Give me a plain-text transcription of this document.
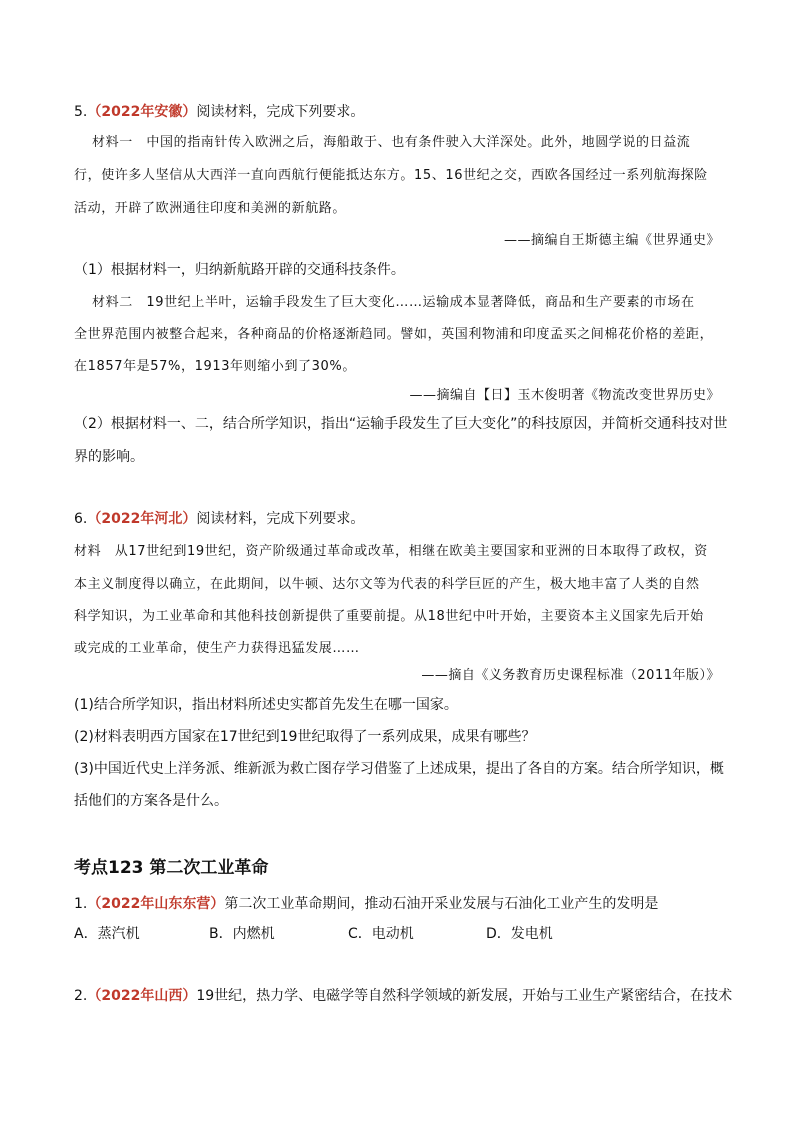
5.（2022年安徽）阅读材料，完成下列要求。
材料一　中国的指南针传入欧洲之后，海船敢于、也有条件驶入大洋深处。此外，地圆学说的日益流
行，使许多人坚信从大西洋一直向西航行便能抵达东方。15、16世纪之交，西欧各国经过一系列航海探险
活动，开辟了欧洲通往印度和美洲的新航路。
——摘编自王斯德主编《世界通史》
（1）根据材料一，归纳新航路开辟的交通科技条件。
材料二　19世纪上半叶，运输手段发生了巨大变化……运输成本显著降低，商品和生产要素的市场在
全世界范围内被整合起来，各种商品的价格逐渐趋同。譬如，英国利物浦和印度孟买之间棉花价格的差距，
在1857年是57%，1913年则缩小到了30%。
——摘编自【日】玉木俊明著《物流改变世界历史》
（2）根据材料一、二，结合所学知识，指出“运输手段发生了巨大变化”的科技原因，并简析交通科技对世
界的影响。
6.（2022年河北）阅读材料，完成下列要求。
材料　从17世纪到19世纪，资产阶级通过革命或改革，相继在欧美主要国家和亚洲的日本取得了政权，资
本主义制度得以确立，在此期间，以牛顿、达尔文等为代表的科学巨匠的产生，极大地丰富了人类的自然
科学知识，为工业革命和其他科技创新提供了重要前提。从18世纪中叶开始，主要资本主义国家先后开始
或完成的工业革命，使生产力获得迅猛发展……
——摘自《义务教育历史课程标准（2011年版）》
(1)结合所学知识，指出材料所述史实都首先发生在哪一国家。
(2)材料表明西方国家在17世纪到19世纪取得了一系列成果，成果有哪些？
(3)中国近代史上洋务派、维新派为救亡图存学习借鉴了上述成果，提出了各自的方案。结合所学知识，概
括他们的方案各是什么。
考点123 第二次工业革命
1.（2022年山东东营）第二次工业革命期间，推动石油开采业发展与石油化工业产生的发明是
A．蒸汽机	B．内燃机	C．电动机	D．发电机
2.（2022年山西）19世纪，热力学、电磁学等自然科学领域的新发展，开始与工业生产紧密结合，在技术
